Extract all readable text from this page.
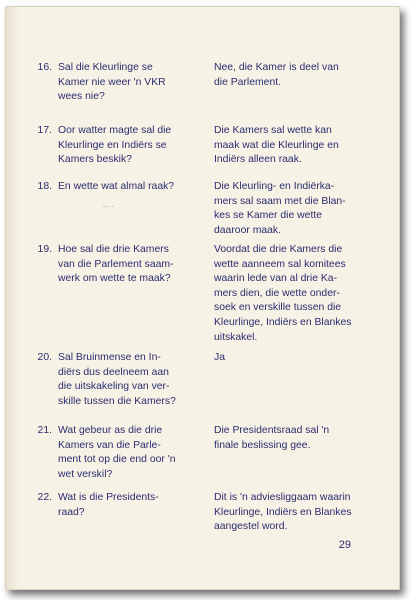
16. Sal die Kleurlinge se
Kamer nie weer 'n VKR
wees nie?
Nee, die Kamer is deel van
die Parlement.
17. Oor watter magte sal die
Kleurlinge en Indiërs se
Kamers beskik?
Die Kamers sal wette kan
maak wat die Kleurlinge en
Indiërs alleen raak.
18. En wette wat almal raak?	Die Kleurling- en Indiërka-
mers sal saam met die Blan-
kes se Kamer die wette
daaroor maak.
19. Hoe sal die drie Kamers
van die Parlement saam-
werk om wette te maak?
Voordat die drie Kamers die
wette aanneem sal komitees
waarin lede van al drie Ka-
mers dien, die wette onder-
soek en verskille tussen die
Kleurlinge, Indiërs en Blankes
uitskakel.
20. Sal Bruinmense en In-
diërs dus deelneem aan
die uitskakeling van ver-
skille tussen die Kamers?
Ja
21. Wat gebeur as die drie
Kamers van die Parle-
ment tot op die end oor 'n
wet verskil?
Die Presidentsraad sal 'n
finale beslissing gee.
22. Wat is die Presidents-
raad?
Dit is 'n adviesliggaam waarin
Kleurlinge, Indiërs en Blankes
aangestel word.
‑‑·‑
29
